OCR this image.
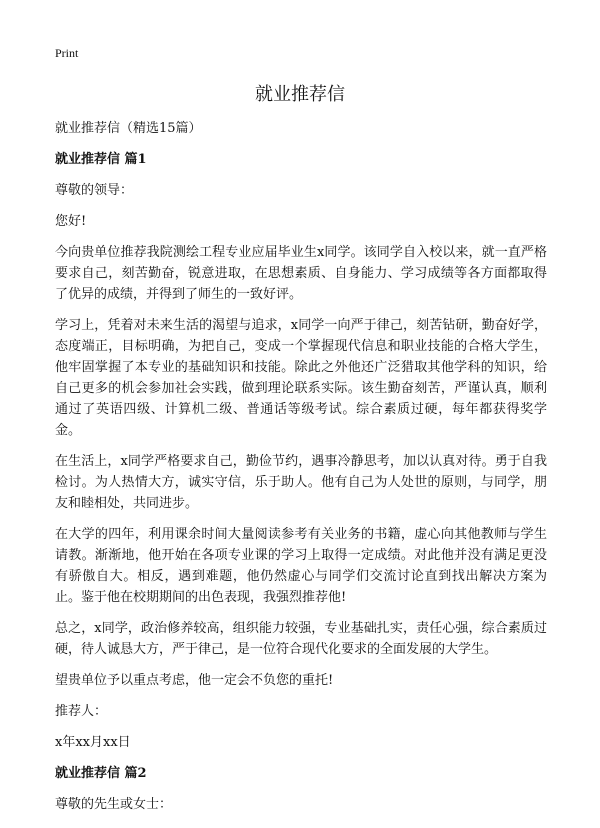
Print
就业推荐信

就业推荐信（精选15篇）

就业推荐信 篇1

尊敬的领导：

您好!

今向贵单位推荐我院测绘工程专业应届毕业生x同学。该同学自入校以来，就一直严格要求自己，刻苦勤奋，锐意进取，在思想素质、自身能力、学习成绩等各方面都取得了优异的成绩，并得到了师生的一致好评。

学习上，凭着对未来生活的渴望与追求，x同学一向严于律己，刻苦钻研，勤奋好学，态度端正，目标明确，为把自己，变成一个掌握现代信息和职业技能的合格大学生，他牢固掌握了本专业的基础知识和技能。除此之外他还广泛猎取其他学科的知识，给自己更多的机会参加社会实践，做到理论联系实际。该生勤奋刻苦，严谨认真，顺利通过了英语四级、计算机二级、普通话等级考试。综合素质过硬，每年都获得奖学金。

在生活上，x同学严格要求自己，勤俭节约，遇事冷静思考，加以认真对待。勇于自我检讨。为人热情大方，诚实守信，乐于助人。他有自己为人处世的原则，与同学，朋友和睦相处，共同进步。

在大学的四年，利用课余时间大量阅读参考有关业务的书籍，虚心向其他教师与学生请教。渐渐地，他开始在各项专业课的学习上取得一定成绩。对此他并没有满足更没有骄傲自大。相反，遇到难题，他仍然虚心与同学们交流讨论直到找出解决方案为止。鉴于他在校期期间的出色表现，我强烈推荐他!

总之，x同学，政治修养较高，组织能力较强，专业基础扎实，责任心强，综合素质过硬，待人诚恳大方，严于律己，是一位符合现代化要求的全面发展的大学生。

望贵单位予以重点考虑，他一定会不负您的重托!

推荐人：

x年xx月xx日

就业推荐信 篇2

尊敬的先生或女士：
